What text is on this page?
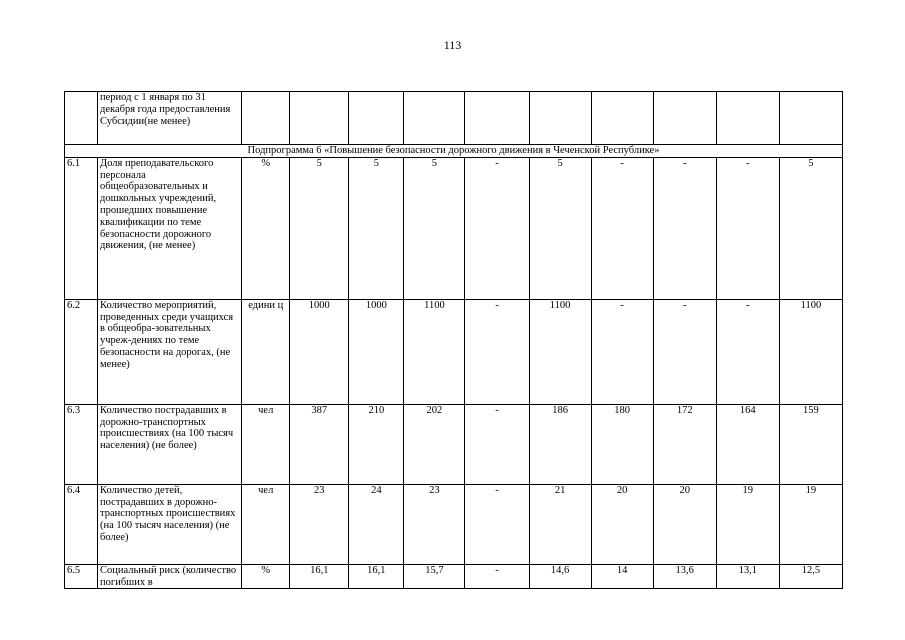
113
	период с 1 января по 31 декабря года предоставления Субсидии(не менее)										
Подпрограмма 6 «Повышение безопасности дорожного движения в Чеченской Республике»											
6.1	Доля преподавательского персонала общеобразовательных и дошкольных учреждений, прошедших повышение квалификации по теме безопасности дорожного движения, (не менее)	%	5	5	5	-	5	-	-	-	5
6.2	Количество мероприятий, проведенных среди учащихся в общеобра-зовательных учреж-дениях по теме безопасности на дорогах, (не менее)	едини ц	1000	1000	1100	-	1100	-	-	-	1100
6.3	Количество пострадавших в дорожно-транспортных происшествиях (на 100 тысяч населения) (не более)	чел	387	210	202	-	186	180	172	164	159
6.4	Количество детей, пострадавших в дорожно-транспортных происшествиях (на 100 тысяч населения) (не более)	чел	23	24	23	-	21	20	20	19	19
6.5	Социальный риск (количество погибших в	%	16,1	16,1	15,7	-	14,6	14	13,6	13,1	12,5
